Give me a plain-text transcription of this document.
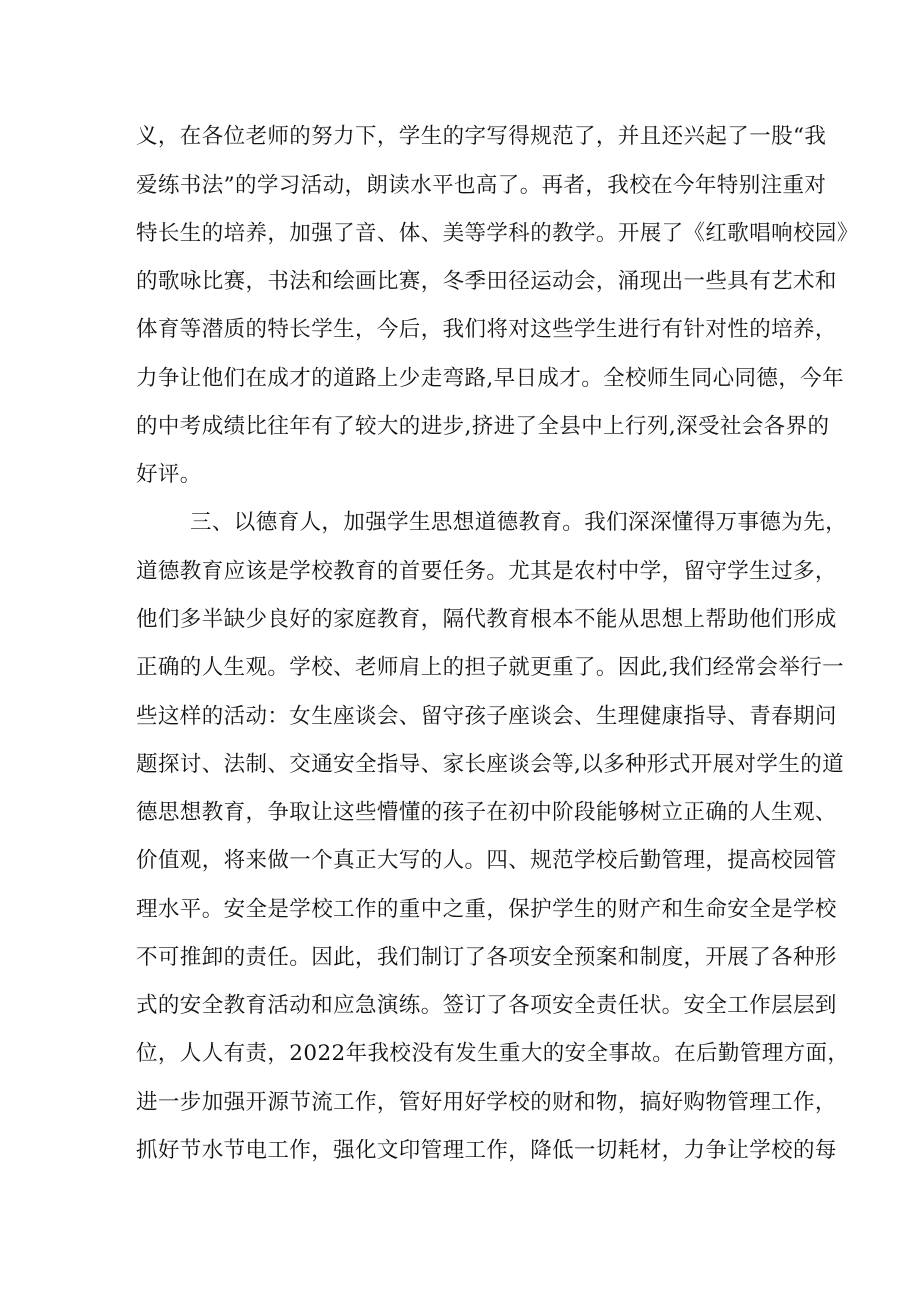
义，在各位老师的努力下，学生的字写得规范了，并且还兴起了一股“我
爱练书法”的学习活动，朗读水平也高了。再者，我校在今年特别注重对
特长生的培养，加强了音、体、美等学科的教学。开展了《红歌唱响校园》
的歌咏比赛，书法和绘画比赛，冬季田径运动会，涌现出一些具有艺术和
体育等潜质的特长学生，今后，我们将对这些学生进行有针对性的培养，
力争让他们在成才的道路上少走弯路,早日成才。全校师生同心同德，今年
的中考成绩比往年有了较大的进步,挤进了全县中上行列,深受社会各界的
好评。
三、以德育人，加强学生思想道德教育。我们深深懂得万事德为先，
道德教育应该是学校教育的首要任务。尤其是农村中学，留守学生过多，
他们多半缺少良好的家庭教育，隔代教育根本不能从思想上帮助他们形成
正确的人生观。学校、老师肩上的担子就更重了。因此,我们经常会举行一
些这样的活动：女生座谈会、留守孩子座谈会、生理健康指导、青春期问
题探讨、法制、交通安全指导、家长座谈会等,以多种形式开展对学生的道
德思想教育，争取让这些懵懂的孩子在初中阶段能够树立正确的人生观、
价值观，将来做一个真正大写的人。四、规范学校后勤管理，提高校园管
理水平。安全是学校工作的重中之重，保护学生的财产和生命安全是学校
不可推卸的责任。因此，我们制订了各项安全预案和制度，开展了各种形
式的安全教育活动和应急演练。签订了各项安全责任状。安全工作层层到
位，人人有责，2022年我校没有发生重大的安全事故。在后勤管理方面，
进一步加强开源节流工作，管好用好学校的财和物，搞好购物管理工作，
抓好节水节电工作，强化文印管理工作，降低一切耗材，力争让学校的每
